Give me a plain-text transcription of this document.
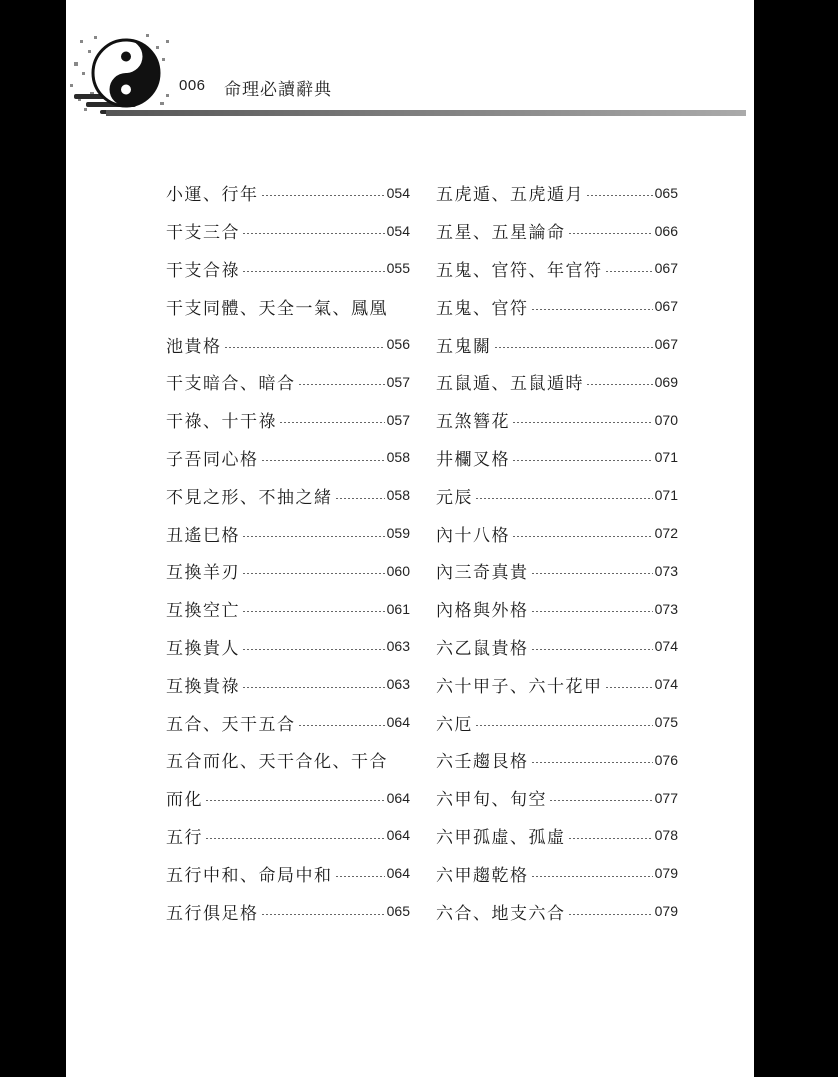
006 命理必讀辭典
小運、行年	054
干支三合	054
干支合祿	055
干支同體、天全一氣、鳳凰
池貴格	056
干支暗合、暗合	057
干祿、十干祿	057
子吾同心格	058
不見之形、不抽之緒	058
丑遙巳格	059
互換羊刃	060
互換空亡	061
互換貴人	063
互換貴祿	063
五合、天干五合	064
五合而化、天干合化、干合
而化	064
五行	064
五行中和、命局中和	064
五行俱足格	065
五虎遁、五虎遁月	065
五星、五星論命	066
五鬼、官符、年官符	067
五鬼、官符	067
五鬼關	067
五鼠遁、五鼠遁時	069
五煞簪花	070
井欄叉格	071
元辰	071
內十八格	072
內三奇真貴	073
內格與外格	073
六乙鼠貴格	074
六十甲子、六十花甲	074
六厄	075
六壬趨艮格	076
六甲旬、旬空	077
六甲孤虛、孤虛	078
六甲趨乾格	079
六合、地支六合	079
